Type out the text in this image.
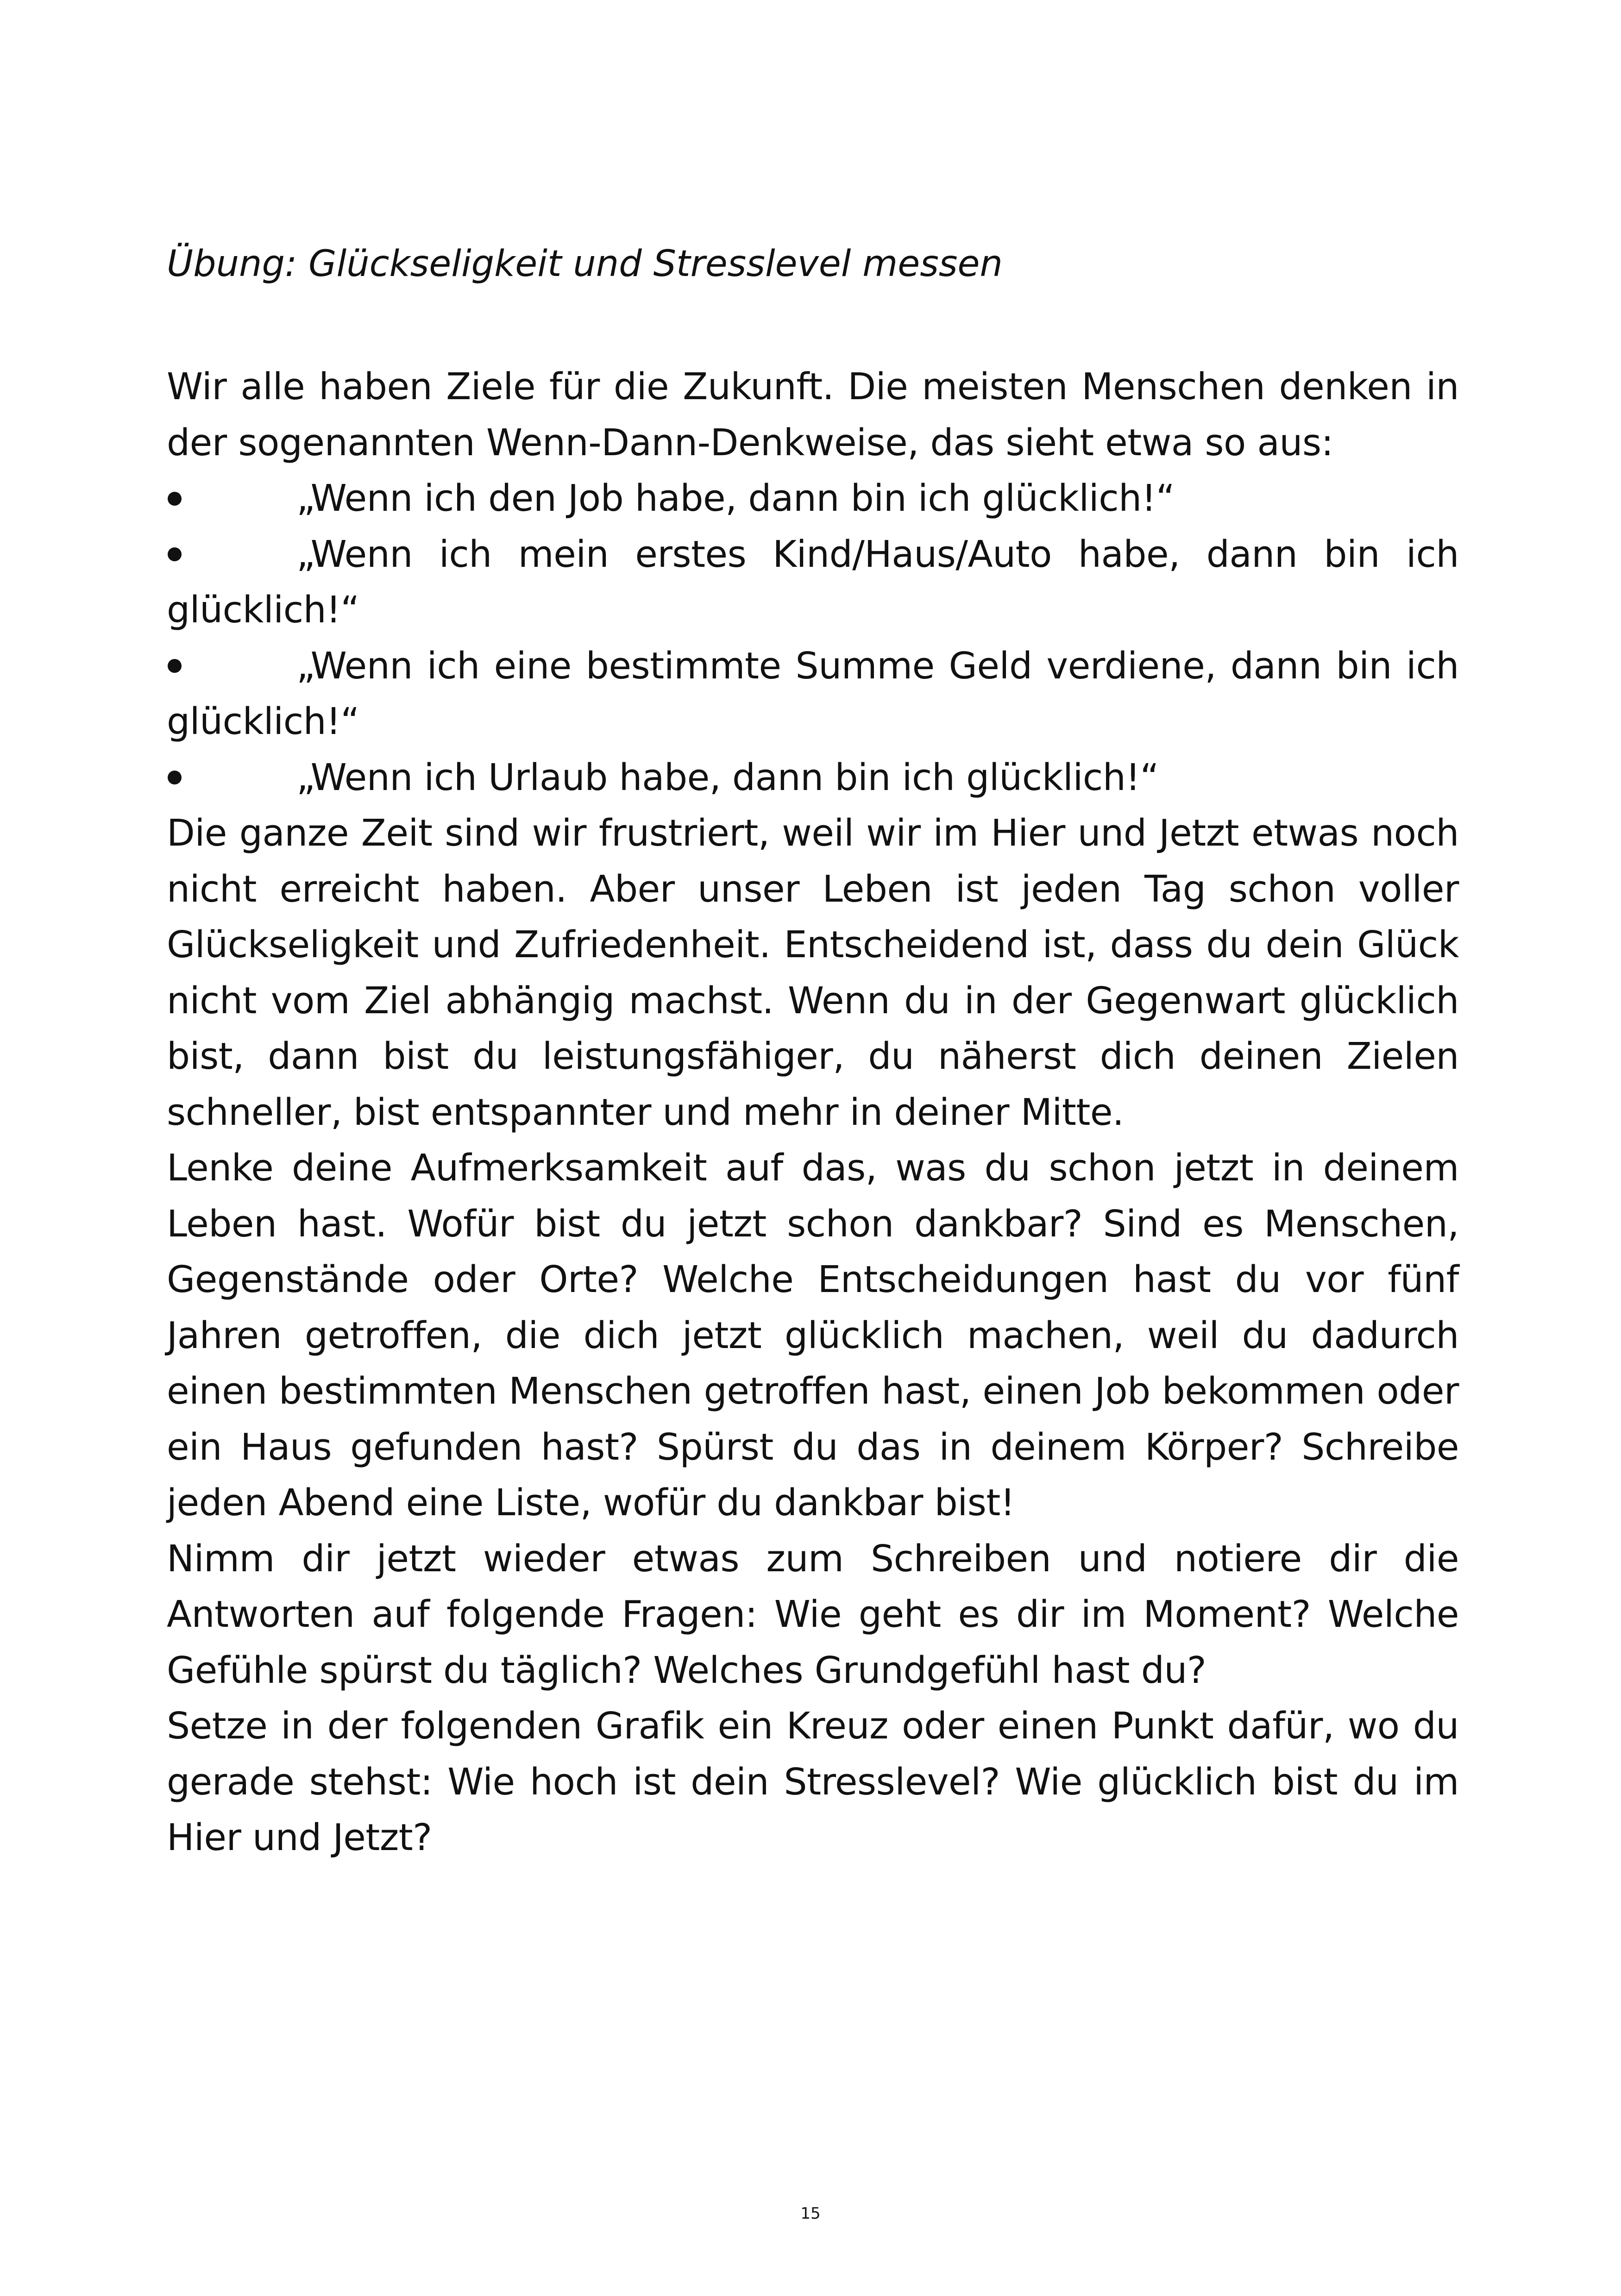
Übung: Glückseligkeit und Stresslevel messen

Wir alle haben Ziele für die Zukunft. Die meisten Menschen denken in der sogenannten Wenn-Dann-Denkweise, das sieht etwa so aus:

„Wenn ich den Job habe, dann bin ich glücklich!“
„Wenn ich mein erstes Kind/Haus/Auto habe, dann bin ich glücklich!“
„Wenn ich eine bestimmte Summe Geld verdiene, dann bin ich glücklich!“
„Wenn ich Urlaub habe, dann bin ich glücklich!“

Die ganze Zeit sind wir frustriert, weil wir im Hier und Jetzt etwas noch nicht erreicht haben. Aber unser Leben ist jeden Tag schon voller Glückseligkeit und Zufriedenheit. Entscheidend ist, dass du dein Glück nicht vom Ziel abhängig machst. Wenn du in der Gegenwart glücklich bist, dann bist du leistungsfähiger, du näherst dich deinen Zielen schneller, bist entspannter und mehr in deiner Mitte.

Lenke deine Aufmerksamkeit auf das, was du schon jetzt in deinem Leben hast. Wofür bist du jetzt schon dankbar? Sind es Menschen, Gegenstände oder Orte? Welche Entscheidungen hast du vor fünf Jahren getroffen, die dich jetzt glücklich machen, weil du dadurch einen bestimmten Menschen getroffen hast, einen Job bekommen oder ein Haus gefunden hast? Spürst du das in deinem Körper? Schreibe jeden Abend eine Liste, wofür du dankbar bist!

Nimm dir jetzt wieder etwas zum Schreiben und notiere dir die Antworten auf folgende Fragen: Wie geht es dir im Moment? Welche Gefühle spürst du täglich? Welches Grundgefühl hast du?

Setze in der folgenden Grafik ein Kreuz oder einen Punkt dafür, wo du gerade stehst: Wie hoch ist dein Stresslevel? Wie glücklich bist du im Hier und Jetzt?

15
